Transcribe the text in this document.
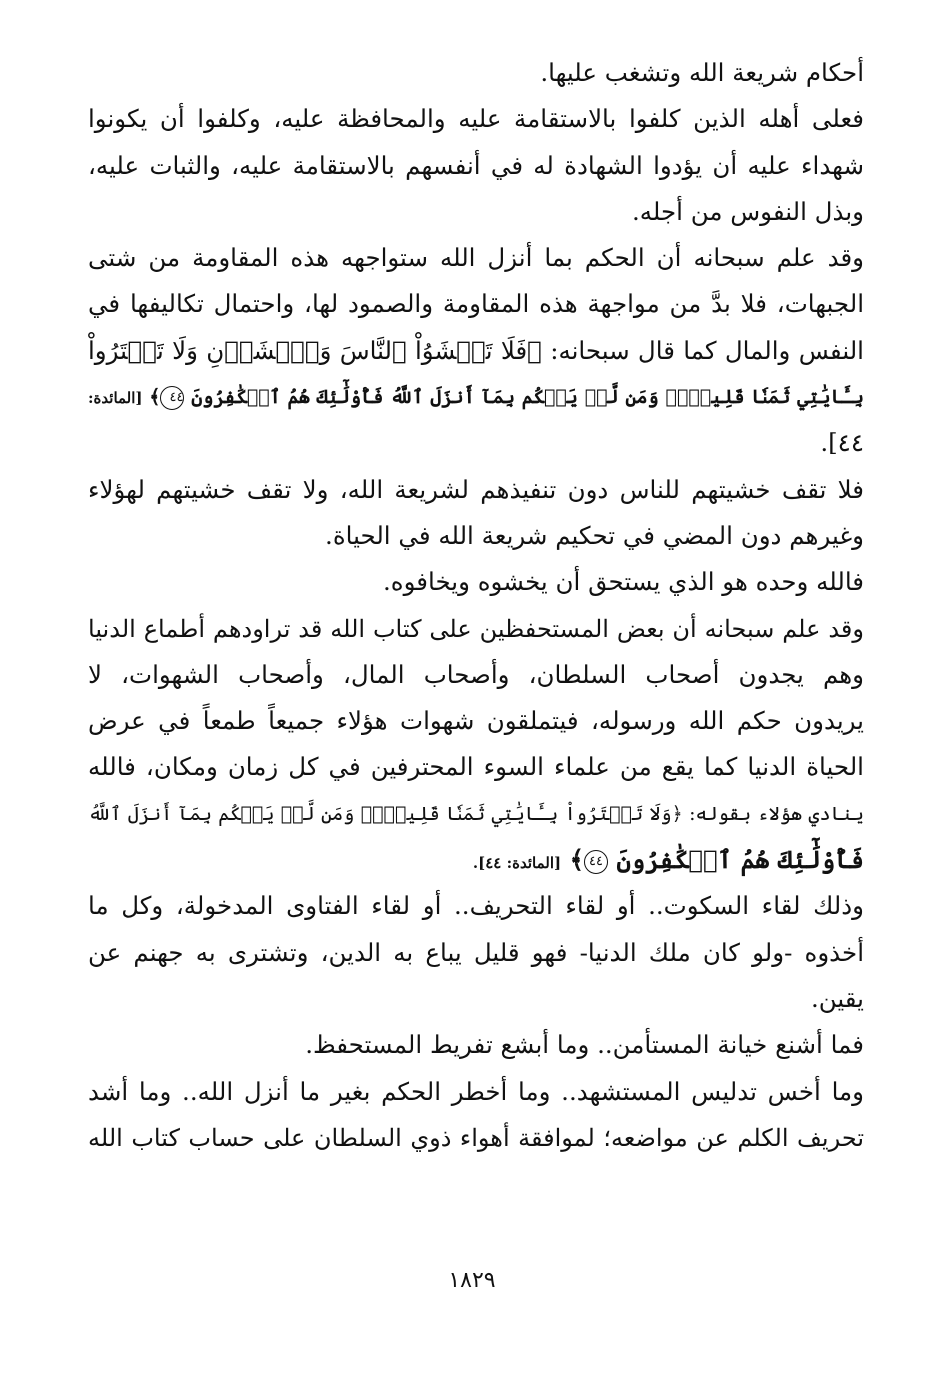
أحكام شريعة الله وتشغب عليها.
فعلى أهله الذين كلفوا بالاستقامة عليه والمحافظة عليه، وكلفوا أن يكونوا
شهداء عليه أن يؤدوا الشهادة له في أنفسهم بالاستقامة عليه، والثبات عليه،
وبذل النفوس من أجله.
وقد علم سبحانه أن الحكم بما أنزل الله ستواجهه هذه المقاومة من شتى
الجبهات، فلا بدَّ من مواجهة هذه المقاومة والصمود لها، واحتمال تكاليفها في
النفس والمال كما قال سبحانه: ﴿فَلَا تَخۡشَوُاْ ٱلنَّاسَ وَٱخۡشَوۡنِ وَلَا تَشۡتَرُواْ
بِـَٔايَٰتِي ثَمَنٗا قَلِيلٗاۚ وَمَن لَّمۡ يَحۡكُم بِمَآ أَنزَلَ ٱللَّهُ فَأُوْلَٰٓئِكَ هُمُ ٱلۡكَٰفِرُونَ ٤٤﴾ [المائدة:
٤٤].
فلا تقف خشيتهم للناس دون تنفيذهم لشريعة الله، ولا تقف خشيتهم لهؤلاء
وغيرهم دون المضي في تحكيم شريعة الله في الحياة.
فالله وحده هو الذي يستحق أن يخشوه ويخافوه.
وقد علم سبحانه أن بعض المستحفظين على كتاب الله قد تراودهم أطماع الدنيا
وهم يجدون أصحاب السلطان، وأصحاب المال، وأصحاب الشهوات، لا
يريدون حكم الله ورسوله، فيتملقون شهوات هؤلاء جميعاً طمعاً في عرض
الحياة الدنيا كما يقع من علماء السوء المحترفين في كل زمان ومكان، فالله
ينادي هؤلاء بقوله: ﴿وَلَا تَشۡتَرُواْ بِـَٔايَٰتِي ثَمَنٗا قَلِيلٗاۚ وَمَن لَّمۡ يَحۡكُم بِمَآ أَنزَلَ ٱللَّهُ
فَأُوْلَٰٓئِكَ هُمُ ٱلۡكَٰفِرُونَ ٤٤﴾ [المائدة: ٤٤].
وذلك لقاء السكوت.. أو لقاء التحريف.. أو لقاء الفتاوى المدخولة، وكل ما
أخذوه -ولو كان ملك الدنيا- فهو قليل يباع به الدين، وتشترى به جهنم عن
يقين.
فما أشنع خيانة المستأمن.. وما أبشع تفريط المستحفظ.
وما أخس تدليس المستشهد.. وما أخطر الحكم بغير ما أنزل الله.. وما أشد
تحريف الكلم عن مواضعه؛ لموافقة أهواء ذوي السلطان على حساب كتاب الله
١٨٢٩
